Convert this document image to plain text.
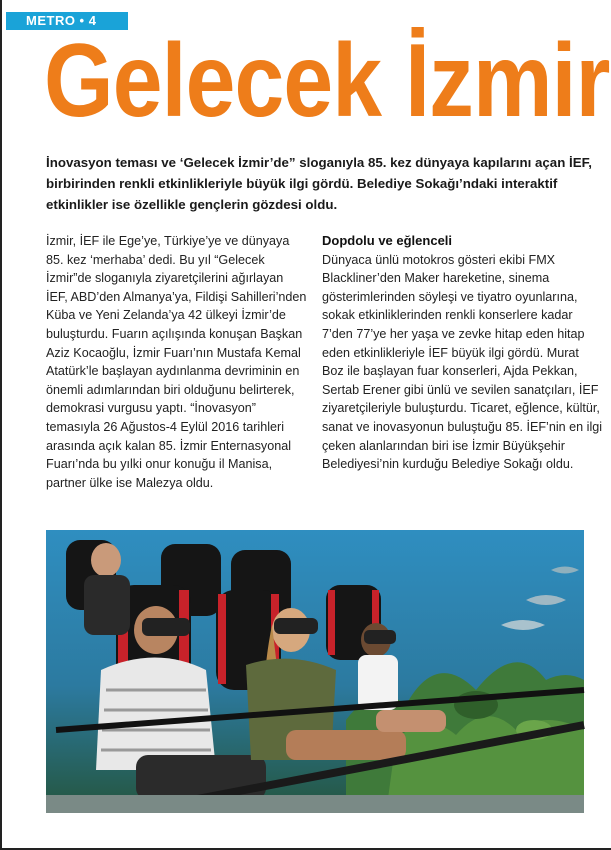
METRO • 4
Gelecek İzmir
İnovasyon teması ve ‘Gelecek İzmir’de” sloganıyla 85. kez dünyaya kapılarını açan İEF, birbirinden renkli etkinlikleriyle büyük ilgi gördü. Belediye Sokağı’ndaki interaktif etkinlikler ise özellikle gençlerin gözdesi oldu.

İzmir, İEF ile Ege’ye, Türkiye’ye ve dünyaya 85. kez ‘merhaba’ dedi. Bu yıl “Gelecek İzmir”de sloganıyla ziyaretçilerini ağırlayan İEF, ABD’den Almanya’ya, Fildişi Sahilleri’nden Küba ve Yeni Zelanda’ya 42 ülkeyi İzmir’de buluşturdu. Fuarın açılışında konuşan Başkan Aziz Kocaoğlu, İzmir Fuarı’nın Mustafa Kemal Atatürk’le başlayan aydınlanma devriminin en önemli adımlarından biri olduğunu belirterek, demokrasi vurgusu yaptı. “İnovasyon” temasıyla 26 Ağustos-4 Eylül 2016 tarihleri arasında açık kalan 85. İzmir Enternasyonal Fuarı’nda bu yılki onur konuğu il Manisa, partner ülke ise Malezya oldu.

Dopdolu ve eğlenceli

Dünyaca ünlü motokros gösteri ekibi FMX Blackliner’den Maker hareketine, sinema gösterimlerinden söyleşi ve tiyatro oyunlarına, sokak etkinliklerinden renkli konserlere kadar 7’den 77’ye her yaşa ve zevke hitap eden hitap eden etkinlikleriyle İEF büyük ilgi gördü. Murat Boz ile başlayan fuar konserleri, Ajda Pekkan, Sertab Erener gibi ünlü ve sevilen sanatçıları, İEF ziyaretçileriyle buluşturdu. Ticaret, eğlence, kültür, sanat ve inovasyonun buluştuğu 85. İEF’nin en ilgi çeken alanlarından biri ise İzmir Büyükşehir Belediyesi’nin kurduğu Belediye Sokağı oldu.
